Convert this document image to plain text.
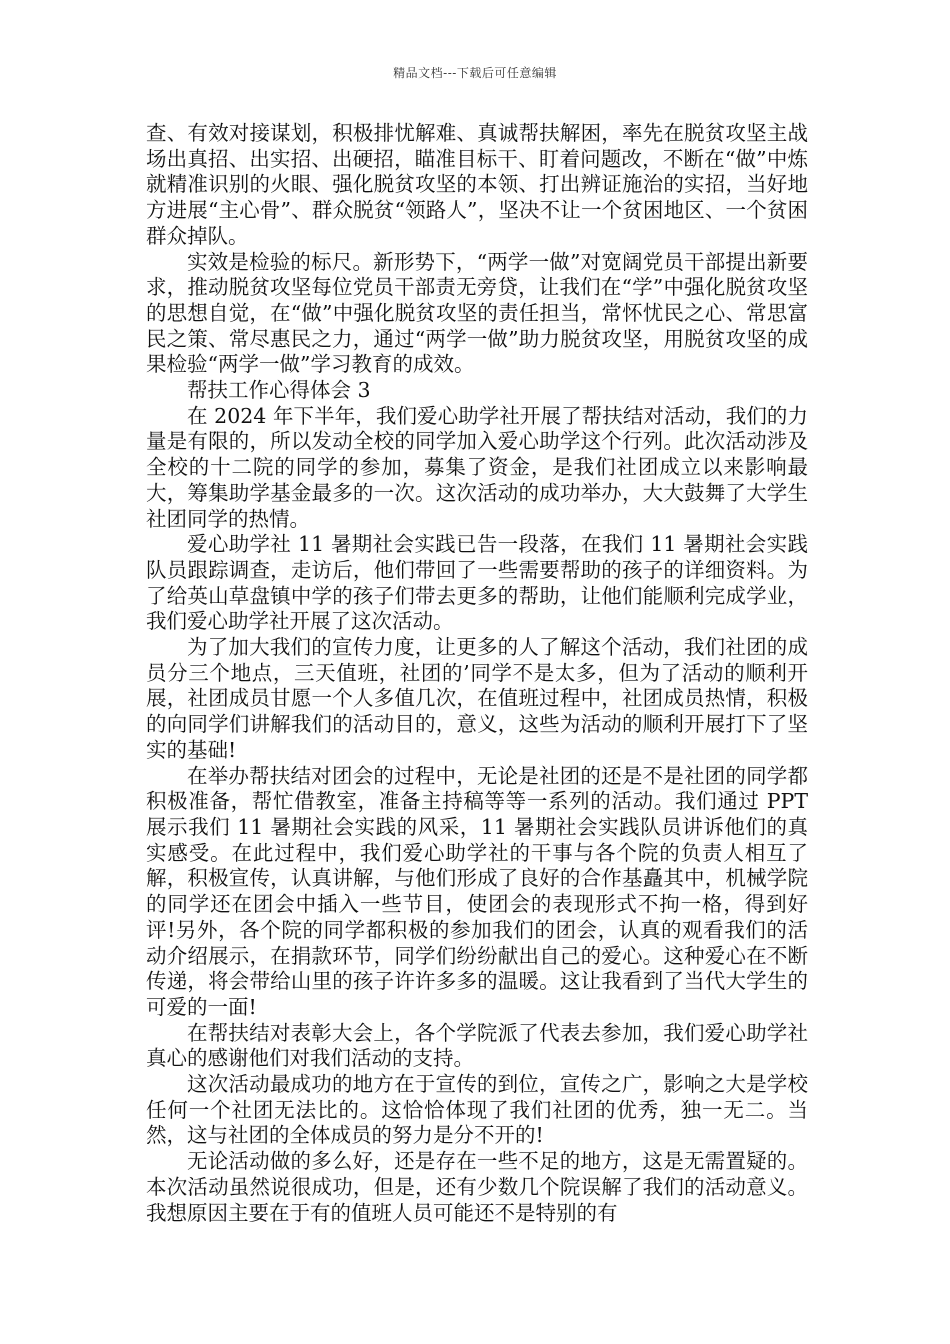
精品文档---下载后可任意编辑

查、有效对接谋划，积极排忧解难、真诚帮扶解困，率先在脱贫攻坚主战场出真招、出实招、出硬招，瞄准目标干、盯着问题改，不断在“做”中炼就精准识别的火眼、强化脱贫攻坚的本领、打出辨证施治的实招，当好地方进展“主心骨”、群众脱贫“领路人”，坚决不让一个贫困地区、一个贫困群众掉队。

实效是检验的标尺。新形势下，“两学一做”对宽阔党员干部提出新要求，推动脱贫攻坚每位党员干部责无旁贷，让我们在“学”中强化脱贫攻坚的思想自觉，在“做”中强化脱贫攻坚的责任担当，常怀忧民之心、常思富民之策、常尽惠民之力，通过“两学一做”助力脱贫攻坚，用脱贫攻坚的成果检验“两学一做”学习教育的成效。

帮扶工作心得体会 3

在 2024 年下半年，我们爱心助学社开展了帮扶结对活动，我们的力量是有限的，所以发动全校的同学加入爱心助学这个行列。此次活动涉及全校的十二院的同学的参加，募集了资金，是我们社团成立以来影响最大，筹集助学基金最多的一次。这次活动的成功举办，大大鼓舞了大学生社团同学的热情。

爱心助学社 11 暑期社会实践已告一段落，在我们 11 暑期社会实践队员跟踪调查，走访后，他们带回了一些需要帮助的孩子的详细资料。为了给英山草盘镇中学的孩子们带去更多的帮助，让他们能顺利完成学业，我们爱心助学社开展了这次活动。

为了加大我们的宣传力度，让更多的人了解这个活动，我们社团的成员分三个地点，三天值班，社团的’同学不是太多，但为了活动的顺利开展，社团成员甘愿一个人多值几次，在值班过程中，社团成员热情，积极的向同学们讲解我们的活动目的，意义，这些为活动的顺利开展打下了坚实的基础!

在举办帮扶结对团会的过程中，无论是社团的还是不是社团的同学都积极准备，帮忙借教室，准备主持稿等等一系列的活动。我们通过 PPT 展示我们 11 暑期社会实践的风采，11 暑期社会实践队员讲诉他们的真实感受。在此过程中，我们爱心助学社的干事与各个院的负责人相互了解，积极宣传，认真讲解，与他们形成了良好的合作基矗其中，机械学院的同学还在团会中插入一些节目，使团会的表现形式不拘一格，得到好评!另外，各个院的同学都积极的参加我们的团会，认真的观看我们的活动介绍展示，在捐款环节，同学们纷纷献出自己的爱心。这种爱心在不断传递，将会带给山里的孩子许许多多的温暖。这让我看到了当代大学生的可爱的一面!

在帮扶结对表彰大会上，各个学院派了代表去参加，我们爱心助学社真心的感谢他们对我们活动的支持。

这次活动最成功的地方在于宣传的到位，宣传之广，影响之大是学校任何一个社团无法比的。这恰恰体现了我们社团的优秀，独一无二。当然，这与社团的全体成员的努力是分不开的!

无论活动做的多么好，还是存在一些不足的地方，这是无需置疑的。本次活动虽然说很成功，但是，还有少数几个院误解了我们的活动意义。我想原因主要在于有的值班人员可能还不是特别的有
